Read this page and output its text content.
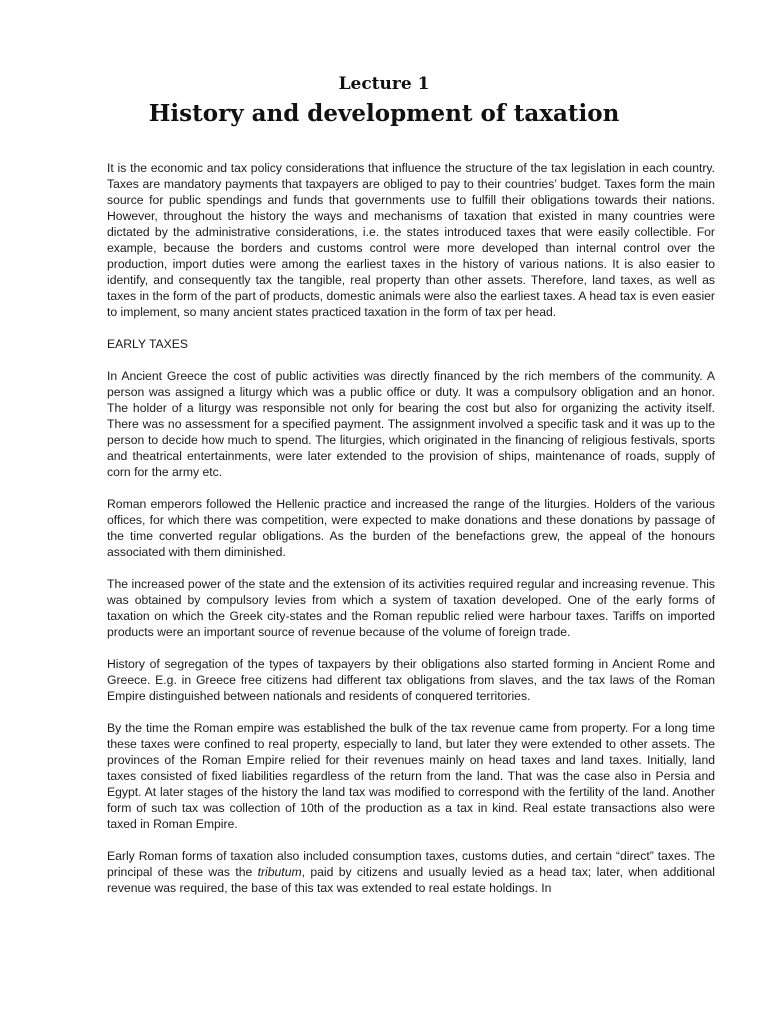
Lecture 1
History and development of taxation

It is the economic and tax policy considerations that influence the structure of the tax legislation in each country. Taxes are mandatory payments that taxpayers are obliged to pay to their countries’ budget. Taxes form the main source for public spendings and funds that governments use to fulfill their obligations towards their nations. However, throughout the history the ways and mechanisms of taxation that existed in many countries were dictated by the administrative considerations, i.e. the states introduced taxes that were easily collectible. For example, because the borders and customs control were more developed than internal control over the production, import duties were among the earliest taxes in the history of various nations. It is also easier to identify, and consequently tax the tangible, real property than other assets. Therefore, land taxes, as well as taxes in the form of the part of products, domestic animals were also the earliest taxes. A head tax is even easier to implement, so many ancient states practiced taxation in the form of tax per head.

EARLY TAXES

In Ancient Greece the cost of public activities was directly financed by the rich members of the community. A person was assigned a liturgy which was a public office or duty. It was a compulsory obligation and an honor. The holder of a liturgy was responsible not only for bearing the cost but also for organizing the activity itself. There was no assessment for a specified payment. The assignment involved a specific task and it was up to the person to decide how much to spend. The liturgies, which originated in the financing of religious festivals, sports and theatrical entertainments, were later extended to the provision of ships, maintenance of roads, supply of corn for the army etc.

Roman emperors followed the Hellenic practice and increased the range of the liturgies. Holders of the various offices, for which there was competition, were expected to make donations and these donations by passage of the time converted regular obligations. As the burden of the benefactions grew, the appeal of the honours associated with them diminished.

The increased power of the state and the extension of its activities required regular and increasing revenue. This was obtained by compulsory levies from which a system of taxation developed. One of the early forms of taxation on which the Greek city-states and the Roman republic relied were harbour taxes. Tariffs on imported products were an important source of revenue because of the volume of foreign trade.

History of segregation of the types of taxpayers by their obligations also started forming in Ancient Rome and Greece. E.g. in Greece free citizens had different tax obligations from slaves, and the tax laws of the Roman Empire distinguished between nationals and residents of conquered territories.

By the time the Roman empire was established the bulk of the tax revenue came from property. For a long time these taxes were confined to real property, especially to land, but later they were extended to other assets. The provinces of the Roman Empire relied for their revenues mainly on head taxes and land taxes. Initially, land taxes consisted of fixed liabilities regardless of the return from the land. That was the case also in Persia and Egypt. At later stages of the history the land tax was modified to correspond with the fertility of the land. Another form of such tax was collection of 10th of the production as a tax in kind. Real estate transactions also were taxed in Roman Empire.

Early Roman forms of taxation also included consumption taxes, customs duties, and certain “direct” taxes. The principal of these was the tributum, paid by citizens and usually levied as a head tax; later, when additional revenue was required, the base of this tax was extended to real estate holdings. In
